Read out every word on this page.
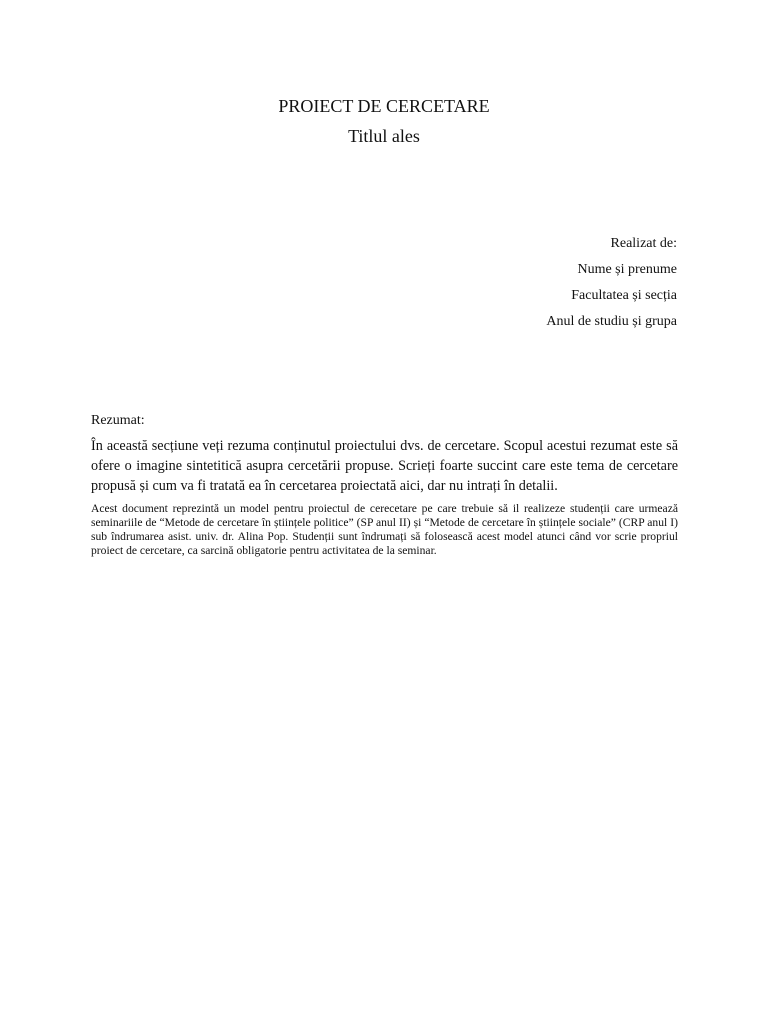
PROIECT DE CERCETARE
Titlul ales
Realizat de:
Nume și prenume
Facultatea și secția
Anul de studiu și grupa

Rezumat:

În această secțiune veți rezuma conținutul proiectului dvs. de cercetare. Scopul acestui rezumat este să ofere o imagine sintetitică asupra cercetării propuse. Scrieți foarte succint care este tema de cercetare propusă și cum va fi tratată ea în cercetarea proiectată aici, dar nu intrați în detalii.

Acest document reprezintă un model pentru proiectul de cerecetare pe care trebuie să il realizeze studenții care urmează seminariile de “Metode de cercetare în științele politice” (SP anul II) și “Metode de cercetare în științele sociale” (CRP anul I) sub îndrumarea asist. univ. dr. Alina Pop. Studenții sunt îndrumați să folosească acest model atunci când vor scrie propriul proiect de cercetare, ca sarcină obligatorie pentru activitatea de la seminar.
